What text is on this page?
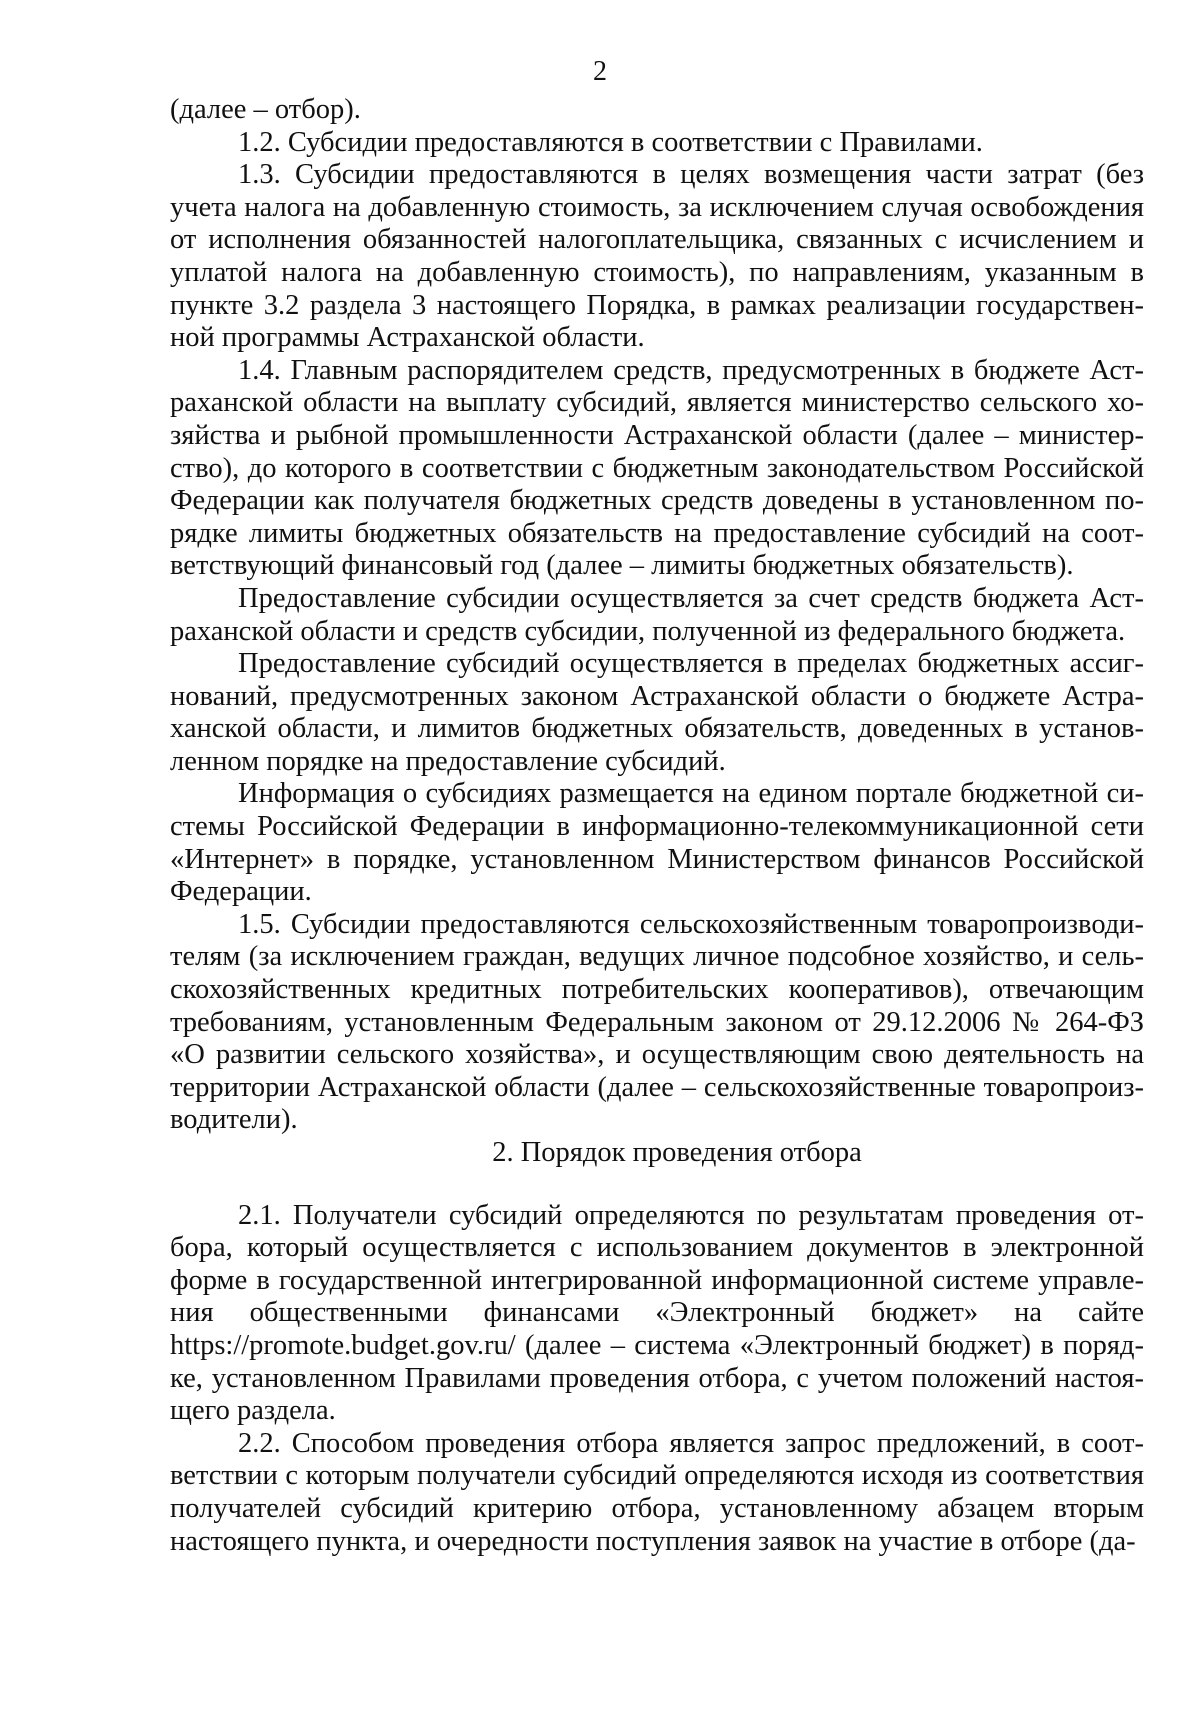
2

(далее – отбор).

1.2. Субсидии предоставляются в соответствии с Правилами.

1.3. Субсидии предоставляются в целях возмещения части затрат (без учета налога на добавленную стоимость, за исключением случая освобождения от исполнения обязанностей налогоплательщика, связанных с исчислением и уплатой налога на добавленную стоимость), по направлениям, указанным в пункте 3.2 раздела 3 настоящего Порядка, в рамках реализации государственной программы Астраханской области.

1.4. Главным распорядителем средств, предусмотренных в бюджете Астраханской области на выплату субсидий, является министерство сельского хозяйства и рыбной промышленности Астраханской области (далее – министерство), до которого в соответствии с бюджетным законодательством Российской Федерации как получателя бюджетных средств доведены в установленном порядке лимиты бюджетных обязательств на предоставление субсидий на соответствующий финансовый год (далее – лимиты бюджетных обязательств).

Предоставление субсидии осуществляется за счет средств бюджета Астраханской области и средств субсидии, полученной из федерального бюджета.

Предоставление субсидий осуществляется в пределах бюджетных ассигнований, предусмотренных законом Астраханской области о бюджете Астраханской области, и лимитов бюджетных обязательств, доведенных в установленном порядке на предоставление субсидий.

Информация о субсидиях размещается на едином портале бюджетной системы Российской Федерации в информационно-телекоммуникационной сети «Интернет» в порядке, установленном Министерством финансов Российской Федерации.

1.5. Субсидии предоставляются сельскохозяйственным товаропроизводителям (за исключением граждан, ведущих личное подсобное хозяйство, и сельскохозяйственных кредитных потребительских кооперативов), отвечающим требованиям, установленным Федеральным законом от 29.12.2006 № 264-ФЗ «О развитии сельского хозяйства», и осуществляющим свою деятельность на территории Астраханской области (далее – сельскохозяйственные товаропроизводители).

2. Порядок проведения отбора

2.1. Получатели субсидий определяются по результатам проведения отбора, который осуществляется с использованием документов в электронной форме в государственной интегрированной информационной системе управления общественными финансами «Электронный бюджет» на сайте https://promote.budget.gov.ru/ (далее – система «Электронный бюджет) в порядке, установленном Правилами проведения отбора, с учетом положений настоящего раздела.

2.2. Способом проведения отбора является запрос предложений, в соответствии с которым получатели субсидий определяются исходя из соответствия получателей субсидий критерию отбора, установленному абзацем вторым настоящего пункта, и очередности поступления заявок на участие в отборе (да-
